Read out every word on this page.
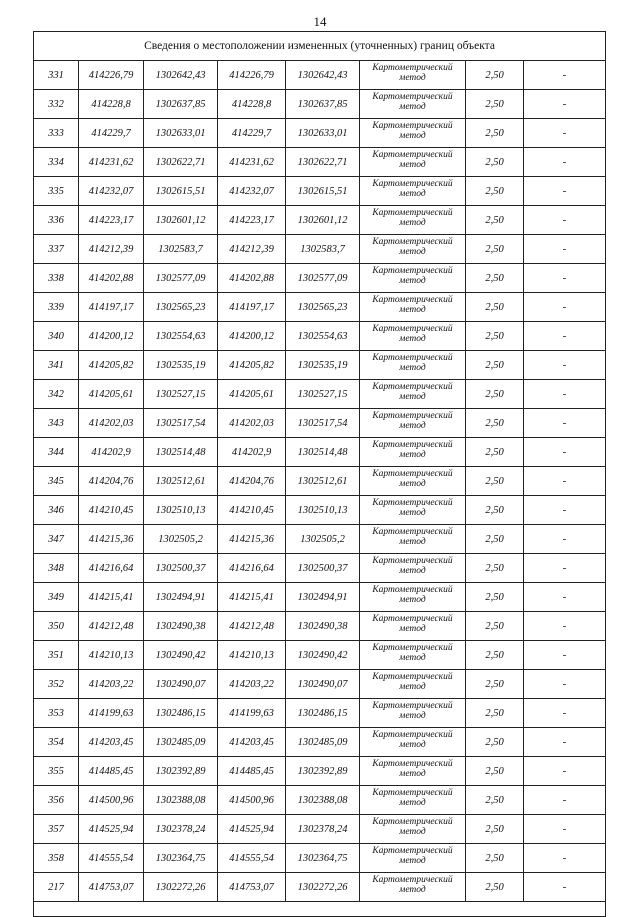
14
Сведения о местоположении измененных (уточненных) границ объекта							
331	414226,79	1302642,43	414226,79	1302642,43	Картометрический метод	2,50	-
332	414228,8	1302637,85	414228,8	1302637,85	Картометрический метод	2,50	-
333	414229,7	1302633,01	414229,7	1302633,01	Картометрический метод	2,50	-
334	414231,62	1302622,71	414231,62	1302622,71	Картометрический метод	2,50	-
335	414232,07	1302615,51	414232,07	1302615,51	Картометрический метод	2,50	-
336	414223,17	1302601,12	414223,17	1302601,12	Картометрический метод	2,50	-
337	414212,39	1302583,7	414212,39	1302583,7	Картометрический метод	2,50	-
338	414202,88	1302577,09	414202,88	1302577,09	Картометрический метод	2,50	-
339	414197,17	1302565,23	414197,17	1302565,23	Картометрический метод	2,50	-
340	414200,12	1302554,63	414200,12	1302554,63	Картометрический метод	2,50	-
341	414205,82	1302535,19	414205,82	1302535,19	Картометрический метод	2,50	-
342	414205,61	1302527,15	414205,61	1302527,15	Картометрический метод	2,50	-
343	414202,03	1302517,54	414202,03	1302517,54	Картометрический метод	2,50	-
344	414202,9	1302514,48	414202,9	1302514,48	Картометрический метод	2,50	-
345	414204,76	1302512,61	414204,76	1302512,61	Картометрический метод	2,50	-
346	414210,45	1302510,13	414210,45	1302510,13	Картометрический метод	2,50	-
347	414215,36	1302505,2	414215,36	1302505,2	Картометрический метод	2,50	-
348	414216,64	1302500,37	414216,64	1302500,37	Картометрический метод	2,50	-
349	414215,41	1302494,91	414215,41	1302494,91	Картометрический метод	2,50	-
350	414212,48	1302490,38	414212,48	1302490,38	Картометрический метод	2,50	-
351	414210,13	1302490,42	414210,13	1302490,42	Картометрический метод	2,50	-
352	414203,22	1302490,07	414203,22	1302490,07	Картометрический метод	2,50	-
353	414199,63	1302486,15	414199,63	1302486,15	Картометрический метод	2,50	-
354	414203,45	1302485,09	414203,45	1302485,09	Картометрический метод	2,50	-
355	414485,45	1302392,89	414485,45	1302392,89	Картометрический метод	2,50	-
356	414500,96	1302388,08	414500,96	1302388,08	Картометрический метод	2,50	-
357	414525,94	1302378,24	414525,94	1302378,24	Картометрический метод	2,50	-
358	414555,54	1302364,75	414555,54	1302364,75	Картометрический метод	2,50	-
217	414753,07	1302272,26	414753,07	1302272,26	Картометрический метод	2,50	-
